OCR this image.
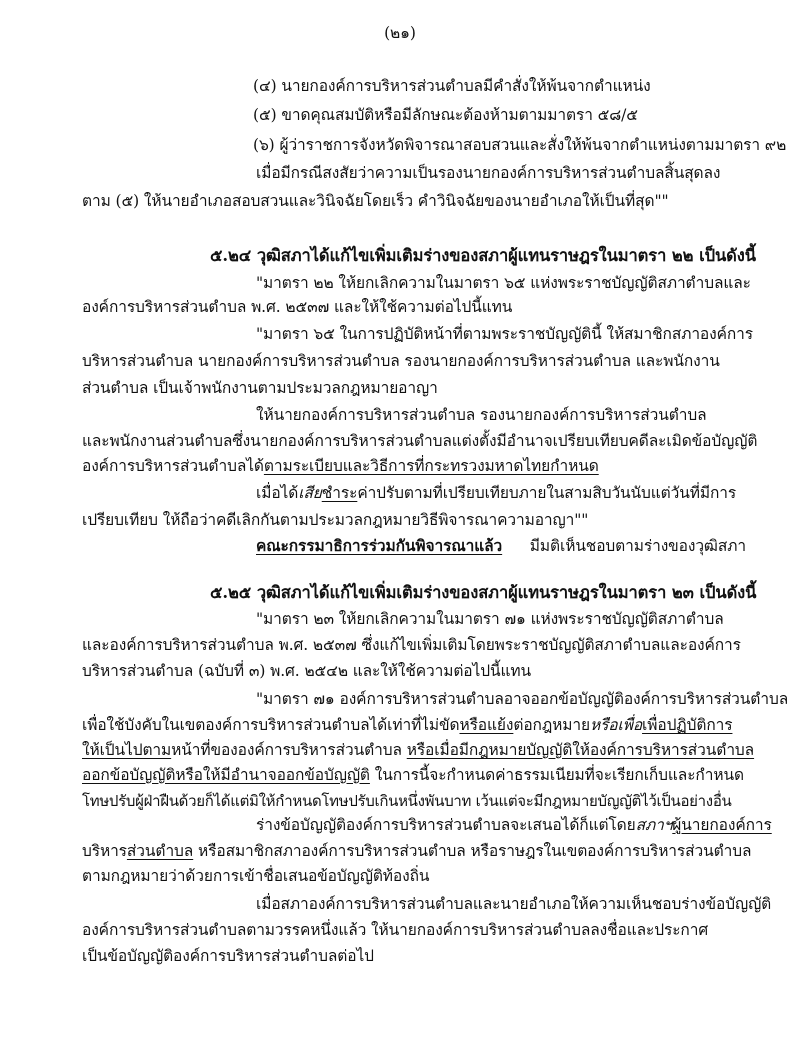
(๒๑)
(๔) นายกองค์การบริหารส่วนตำบลมีคำสั่งให้พ้นจากตำแหน่ง
(๕) ขาดคุณสมบัติหรือมีลักษณะต้องห้ามตามมาตรา ๕๘/๕
(๖) ผู้ว่าราชการจังหวัดพิจารณาสอบสวนและสั่งให้พ้นจากตำแหน่งตามมาตรา ๙๒
เมื่อมีกรณีสงสัยว่าความเป็นรองนายกองค์การบริหารส่วนตำบลสิ้นสุดลง
ตาม (๕) ให้นายอำเภอสอบสวนและวินิจฉัยโดยเร็ว คำวินิจฉัยของนายอำเภอให้เป็นที่สุด""
๕.๒๔ วุฒิสภาได้แก้ไขเพิ่มเติมร่างของสภาผู้แทนราษฎรในมาตรา ๒๒ เป็นดังนี้
"มาตรา ๒๒ ให้ยกเลิกความในมาตรา ๖๕ แห่งพระราชบัญญัติสภาตำบลและ
องค์การบริหารส่วนตำบล พ.ศ. ๒๕๓๗ และให้ใช้ความต่อไปนี้แทน
"มาตรา ๖๕ ในการปฏิบัติหน้าที่ตามพระราชบัญญัตินี้ ให้สมาชิกสภาองค์การ
บริหารส่วนตำบล นายกองค์การบริหารส่วนตำบล รองนายกองค์การบริหารส่วนตำบล และพนักงาน
ส่วนตำบล เป็นเจ้าพนักงานตามประมวลกฎหมายอาญา
ให้นายกองค์การบริหารส่วนตำบล รองนายกองค์การบริหารส่วนตำบล
และพนักงานส่วนตำบลซึ่งนายกองค์การบริหารส่วนตำบลแต่งตั้งมีอำนาจเปรียบเทียบคดีละเมิดข้อบัญญัติ
องค์การบริหารส่วนตำบลได้ตามระเบียบและวิธีการที่กระทรวงมหาดไทยกำหนด
เมื่อได้เสียชำระค่าปรับตามที่เปรียบเทียบภายในสามสิบวันนับแต่วันที่มีการ
เปรียบเทียบ ให้ถือว่าคดีเลิกกันตามประมวลกฎหมายวิธีพิจารณาความอาญา""
คณะกรรมาธิการร่วมกันพิจารณาแล้ว มีมติเห็นชอบตามร่างของวุฒิสภา
๕.๒๕ วุฒิสภาได้แก้ไขเพิ่มเติมร่างของสภาผู้แทนราษฎรในมาตรา ๒๓ เป็นดังนี้
"มาตรา ๒๓ ให้ยกเลิกความในมาตรา ๗๑ แห่งพระราชบัญญัติสภาตำบล
และองค์การบริหารส่วนตำบล พ.ศ. ๒๕๓๗ ซึ่งแก้ไขเพิ่มเติมโดยพระราชบัญญัติสภาตำบลและองค์การ
บริหารส่วนตำบล (ฉบับที่ ๓) พ.ศ. ๒๕๔๒ และให้ใช้ความต่อไปนี้แทน
"มาตรา ๗๑ องค์การบริหารส่วนตำบลอาจออกข้อบัญญัติองค์การบริหารส่วนตำบล
เพื่อใช้บังคับในเขตองค์การบริหารส่วนตำบลได้เท่าที่ไม่ขัดหรือแย้งต่อกฎหมายหรือเพื่อเพื่อปฏิบัติการ
ให้เป็นไปตามหน้าที่ขององค์การบริหารส่วนตำบล หรือเมื่อมีกฎหมายบัญญัติให้องค์การบริหารส่วนตำบล
ออกข้อบัญญัติหรือให้มีอำนาจออกข้อบัญญัติ ในการนี้จะกำหนดค่าธรรมเนียมที่จะเรียกเก็บและกำหนด
โทษปรับผู้ฝ่าฝืนด้วยก็ได้แต่มิให้กำหนดโทษปรับเกินหนึ่งพันบาท เว้นแต่จะมีกฎหมายบัญญัติไว้เป็นอย่างอื่น
ร่างข้อบัญญัติองค์การบริหารส่วนตำบลจะเสนอได้ก็แต่โดยสภาฯผู้นายกองค์การ
บริหารส่วนตำบล หรือสมาชิกสภาองค์การบริหารส่วนตำบล หรือราษฎรในเขตองค์การบริหารส่วนตำบล
ตามกฎหมายว่าด้วยการเข้าชื่อเสนอข้อบัญญัติท้องถิ่น
เมื่อสภาองค์การบริหารส่วนตำบลและนายอำเภอให้ความเห็นชอบร่างข้อบัญญัติ
องค์การบริหารส่วนตำบลตามวรรคหนึ่งแล้ว ให้นายกองค์การบริหารส่วนตำบลลงชื่อและประกาศ
เป็นข้อบัญญัติองค์การบริหารส่วนตำบลต่อไป
